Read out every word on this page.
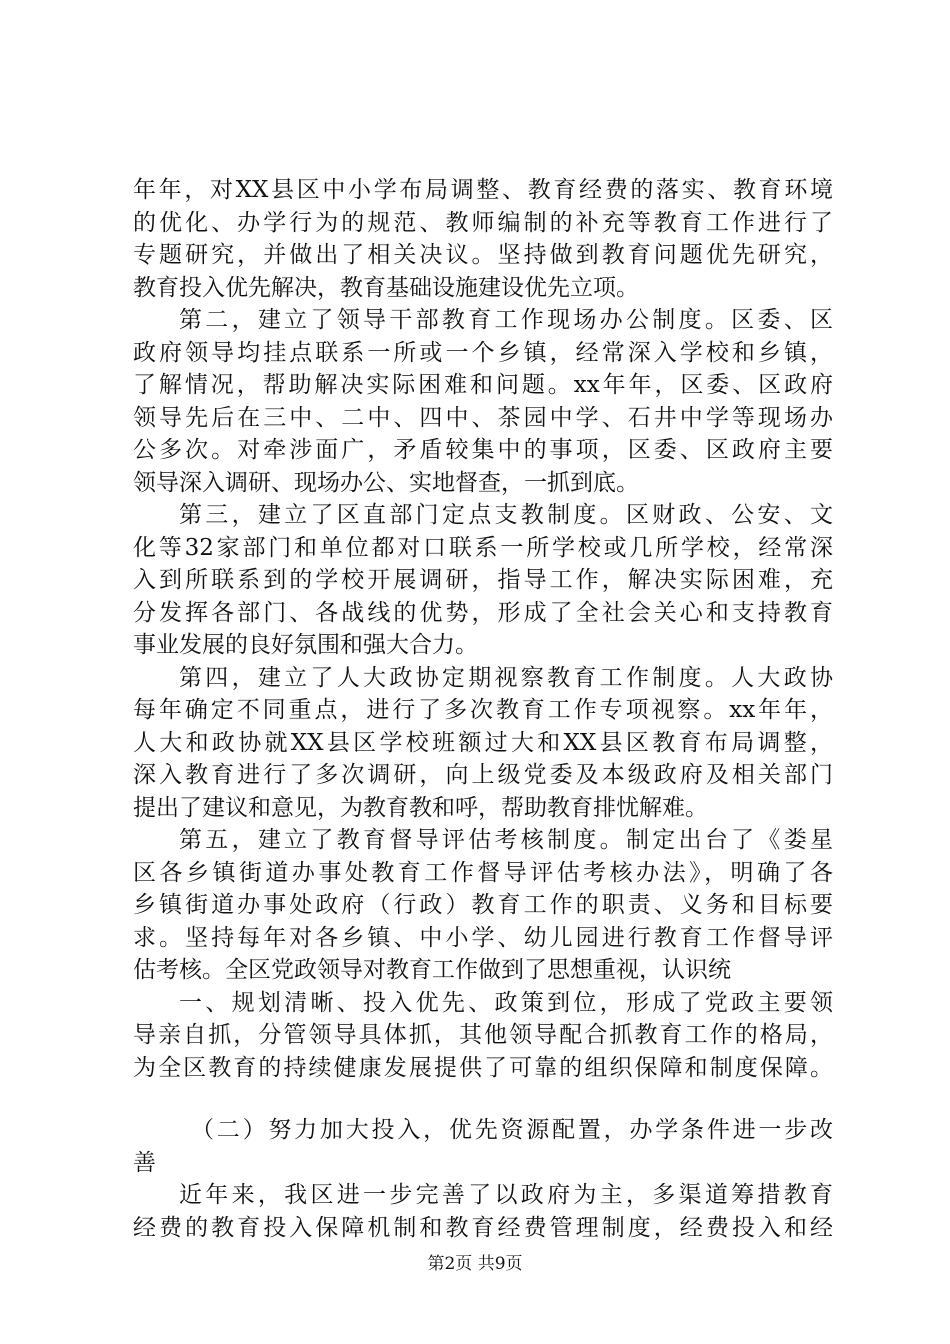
年年，对XX县区中小学布局调整、教育经费的落实、教育环境
的优化、办学行为的规范、教师编制的补充等教育工作进行了
专题研究，并做出了相关决议。坚持做到教育问题优先研究，
教育投入优先解决，教育基础设施建设优先立项。
第二，建立了领导干部教育工作现场办公制度。区委、区
政府领导均挂点联系一所或一个乡镇，经常深入学校和乡镇，
了解情况，帮助解决实际困难和问题。xx年年，区委、区政府
领导先后在三中、二中、四中、茶园中学、石井中学等现场办
公多次。对牵涉面广，矛盾较集中的事项，区委、区政府主要
领导深入调研、现场办公、实地督查，一抓到底。
第三，建立了区直部门定点支教制度。区财政、公安、文
化等32家部门和单位都对口联系一所学校或几所学校，经常深
入到所联系到的学校开展调研，指导工作，解决实际困难，充
分发挥各部门、各战线的优势，形成了全社会关心和支持教育
事业发展的良好氛围和强大合力。
第四，建立了人大政协定期视察教育工作制度。人大政协
每年确定不同重点，进行了多次教育工作专项视察。xx年年，
人大和政协就XX县区学校班额过大和XX县区教育布局调整，
深入教育进行了多次调研，向上级党委及本级政府及相关部门
提出了建议和意见，为教育教和呼，帮助教育排忧解难。
第五，建立了教育督导评估考核制度。制定出台了《娄星
区各乡镇街道办事处教育工作督导评估考核办法》，明确了各
乡镇街道办事处政府（行政）教育工作的职责、义务和目标要
求。坚持每年对各乡镇、中小学、幼儿园进行教育工作督导评
估考核。全区党政领导对教育工作做到了思想重视，认识统
一、规划清晰、投入优先、政策到位，形成了党政主要领
导亲自抓，分管领导具体抓，其他领导配合抓教育工作的格局，
为全区教育的持续健康发展提供了可靠的组织保障和制度保障。
（二）努力加大投入，优先资源配置，办学条件进一步改
善
近年来，我区进一步完善了以政府为主，多渠道筹措教育
经费的教育投入保障机制和教育经费管理制度，经费投入和经
第2页 共9页
